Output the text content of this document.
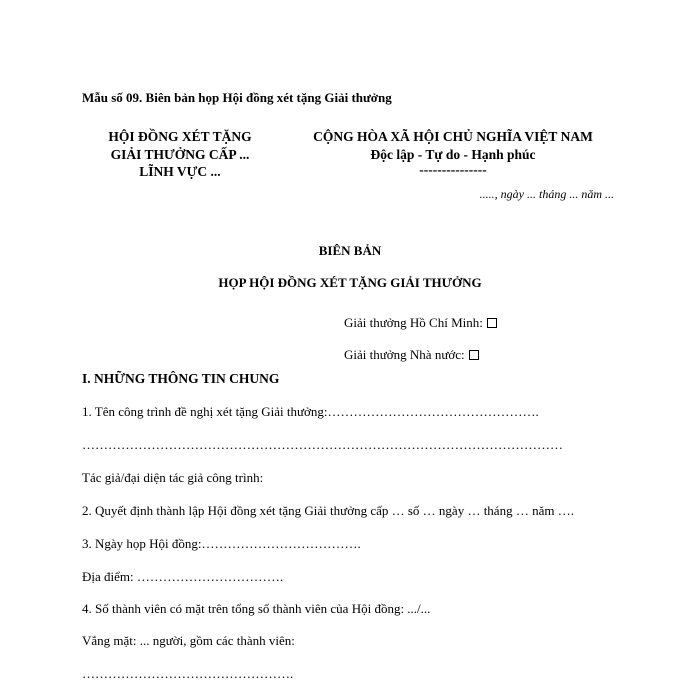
Mẫu số 09. Biên bản họp Hội đồng xét tặng Giải thưởng
HỘI ĐỒNG XÉT TẶNG
GIẢI THƯỞNG CẤP ...
LĨNH VỰC ...
CỘNG HÒA XÃ HỘI CHỦ NGHĨA VIỆT NAM
Độc lập - Tự do - Hạnh phúc
---------------
....., ngày ... tháng ... năm ...
BIÊN BẢN
HỌP HỘI ĐỒNG XÉT TẶNG GIẢI THƯỞNG
Giải thưởng Hồ Chí Minh:
Giải thưởng Nhà nước:
I. NHỮNG THÔNG TIN CHUNG
1. Tên công trình đề nghị xét tặng Giải thưởng:………………………………………….
…………………………………………………………………………………………………
Tác giả/đại diện tác giả công trình:
2. Quyết định thành lập Hội đồng xét tặng Giải thưởng cấp … số … ngày … tháng … năm ….
3. Ngày họp Hội đồng:……………………………….
Địa điểm: …………………………….
4. Số thành viên có mặt trên tổng số thành viên của Hội đồng: .../...
Vắng mặt: ... người, gồm các thành viên:
………………………………………….
